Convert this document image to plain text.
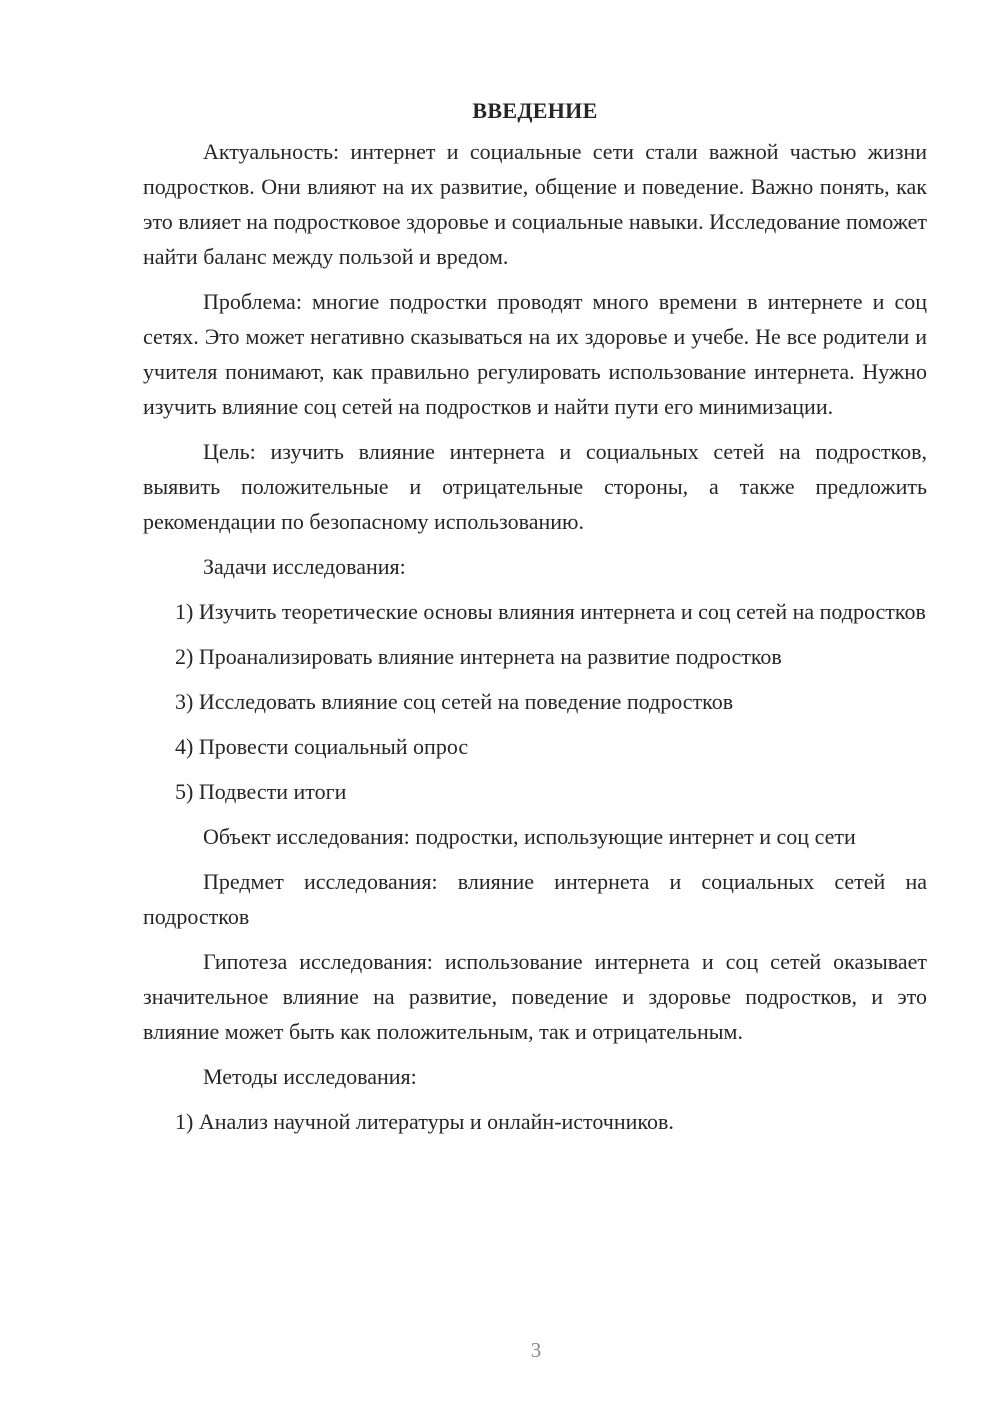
ВВЕДЕНИЕ

Актуальность: интернет и социальные сети стали важной частью жизни подростков. Они влияют на их развитие, общение и поведение. Важно понять, как это влияет на подростковое здоровье и социальные навыки. Исследование поможет найти баланс между пользой и вредом.

Проблема: многие подростки проводят много времени в интернете и соц сетях. Это может негативно сказываться на их здоровье и учебе. Не все родители и учителя понимают, как правильно регулировать использование интернета. Нужно изучить влияние соц сетей на подростков и найти пути его минимизации.

Цель: изучить влияние интернета и социальных сетей на подростков, выявить положительные и отрицательные стороны, а также предложить рекомендации по безопасному использованию.

Задачи исследования:

1) Изучить теоретические основы влияния интернета и соц сетей на подростков

2) Проанализировать влияние интернета на развитие подростков

3) Исследовать влияние соц сетей на поведение подростков

4) Провести социальный опрос

5) Подвести итоги

Объект исследования: подростки, использующие интернет и соц сети

Предмет исследования: влияние интернета и социальных сетей на подростков

Гипотеза исследования: использование интернета и соц сетей оказывает значительное влияние на развитие, поведение и здоровье подростков, и это влияние может быть как положительным, так и отрицательным.

Методы исследования:

1) Анализ научной литературы и онлайн-источников.

3
